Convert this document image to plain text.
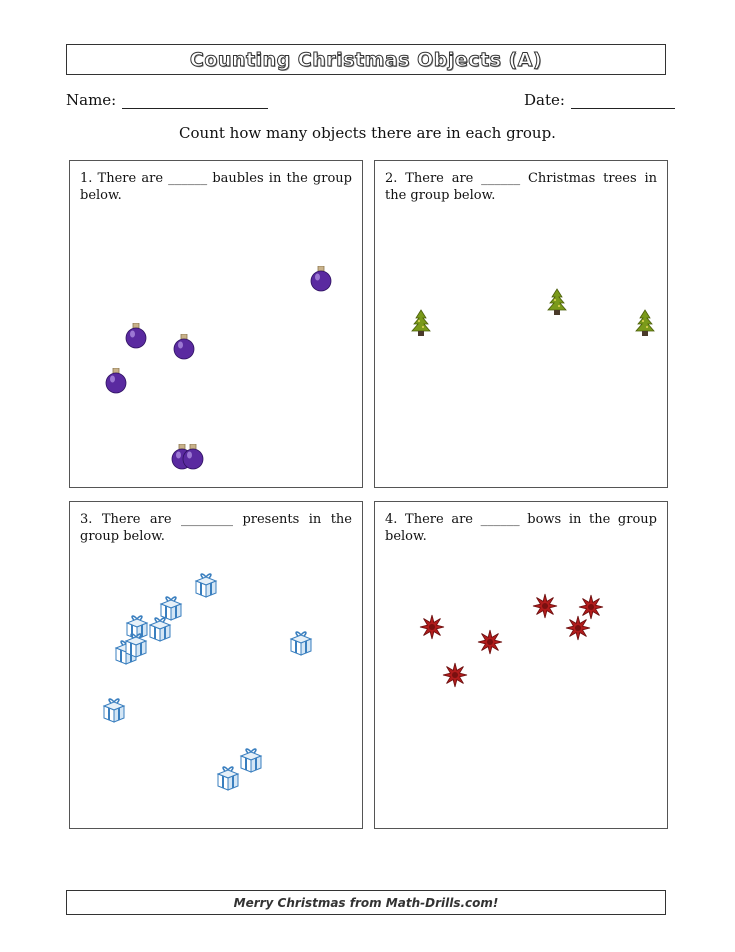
Counting Christmas Objects (A)
Name:	Date:
Count how many objects there are in each group.
1. There are ______ baubles in the group below.
2. There are ______ Christmas trees in the group below.
3. There are ________ presents in the group below.
4. There are ______ bows in the group below.
Merry Christmas from Math-Drills.com!
